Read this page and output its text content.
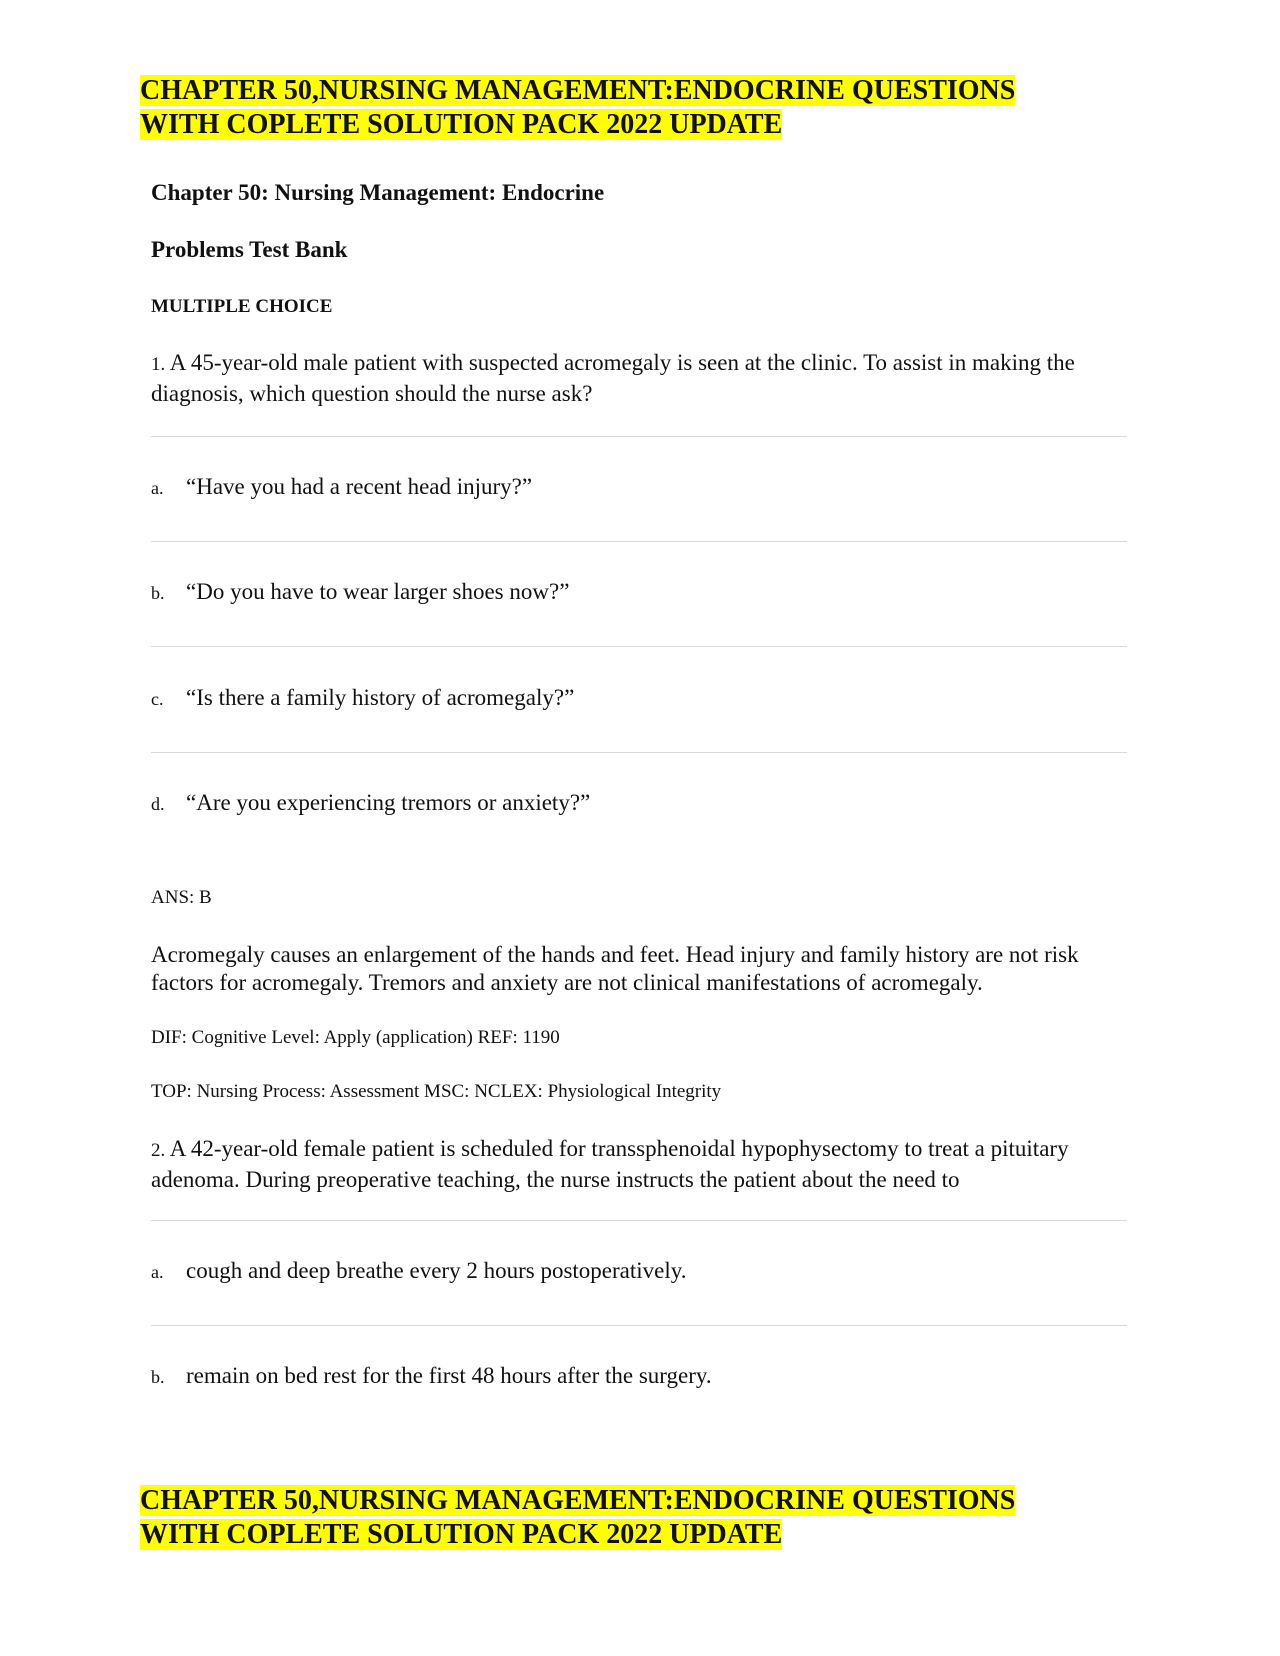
CHAPTER 50,NURSING MANAGEMENT:ENDOCRINE QUESTIONS
WITH COPLETE SOLUTION PACK 2022 UPDATE
Chapter 50: Nursing Management: Endocrine
Problems Test Bank
MULTIPLE CHOICE
1. A 45-year-old male patient with suspected acromegaly is seen at the clinic. To assist in making the diagnosis, which question should the nurse ask?
a. “Have you had a recent head injury?”
b. “Do you have to wear larger shoes now?”
c. “Is there a family history of acromegaly?”
d. “Are you experiencing tremors or anxiety?”
ANS: B
Acromegaly causes an enlargement of the hands and feet. Head injury and family history are not risk factors for acromegaly. Tremors and anxiety are not clinical manifestations of acromegaly.
DIF: Cognitive Level: Apply (application) REF: 1190
TOP: Nursing Process: Assessment MSC: NCLEX: Physiological Integrity
2. A 42-year-old female patient is scheduled for transsphenoidal hypophysectomy to treat a pituitary adenoma. During preoperative teaching, the nurse instructs the patient about the need to
a. cough and deep breathe every 2 hours postoperatively.
b. remain on bed rest for the first 48 hours after the surgery.
CHAPTER 50,NURSING MANAGEMENT:ENDOCRINE QUESTIONS
WITH COPLETE SOLUTION PACK 2022 UPDATE
